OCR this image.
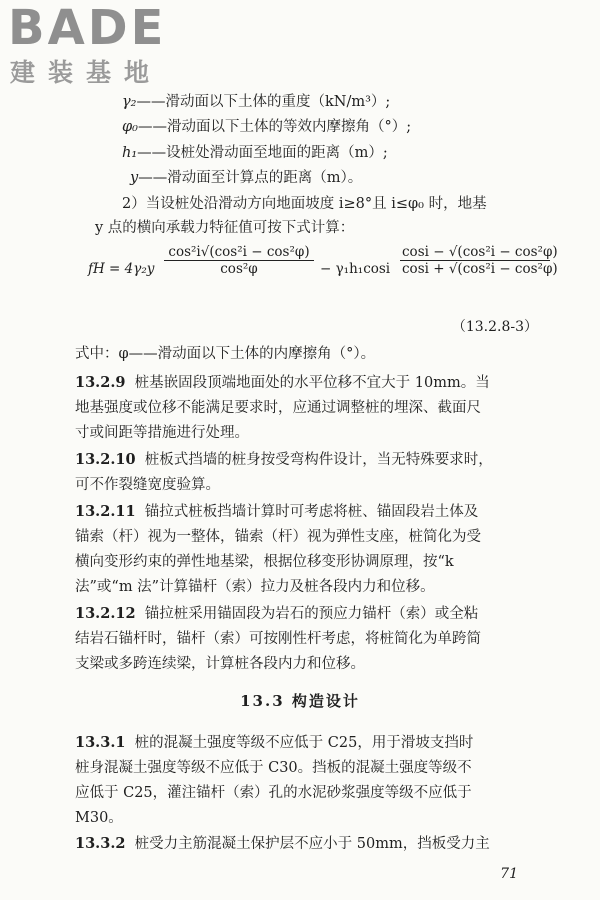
BADE
建装基地
γ₂——滑动面以下土体的重度（kN/m³）;
φ₀——滑动面以下土体的等效内摩擦角（°）;
h₁——设桩处滑动面至地面的距离（m）;
y——滑动面至计算点的距离（m）。
2）当设桩处沿滑动方向地面坡度 i≥8°且 i≤φ₀ 时，地基
y 点的横向承载力特征值可按下式计算：
fH = $4\gamma_2y \frac{\text{cos²i√(cos²i − cos²φ)}}{\text{cos²φ}} - \gamma_1h_1\cos i \frac{\text{cosi − √(cos²i − cos²φ)}}{\text{cosi + √(cos²i − cos²φ)}}$
（13.2.8-3）
式中：φ——滑动面以下土体的内摩擦角（°）。
13.2.9 桩基嵌固段顶端地面处的水平位移不宜大于 10mm。当
地基强度或位移不能满足要求时，应通过调整桩的埋深、截面尺
寸或间距等措施进行处理。
13.2.10 桩板式挡墙的桩身按受弯构件设计，当无特殊要求时，
可不作裂缝宽度验算。
13.2.11 锚拉式桩板挡墙计算时可考虑将桩、锚固段岩土体及
锚索（杆）视为一整体，锚索（杆）视为弹性支座，桩简化为受
横向变形约束的弹性地基梁，根据位移变形协调原理，按“k
法”或“m 法”计算锚杆（索）拉力及桩各段内力和位移。
13.2.12 锚拉桩采用锚固段为岩石的预应力锚杆（索）或全粘
结岩石锚杆时，锚杆（索）可按刚性杆考虑，将桩简化为单跨简
支梁或多跨连续梁，计算桩各段内力和位移。
13.3 构造设计
13.3.1 桩的混凝土强度等级不应低于 C25，用于滑坡支挡时
桩身混凝土强度等级不应低于 C30。挡板的混凝土强度等级不
应低于 C25，灌注锚杆（索）孔的水泥砂浆强度等级不应低于
M30。
13.3.2 桩受力主筋混凝土保护层不应小于 50mm，挡板受力主
71
